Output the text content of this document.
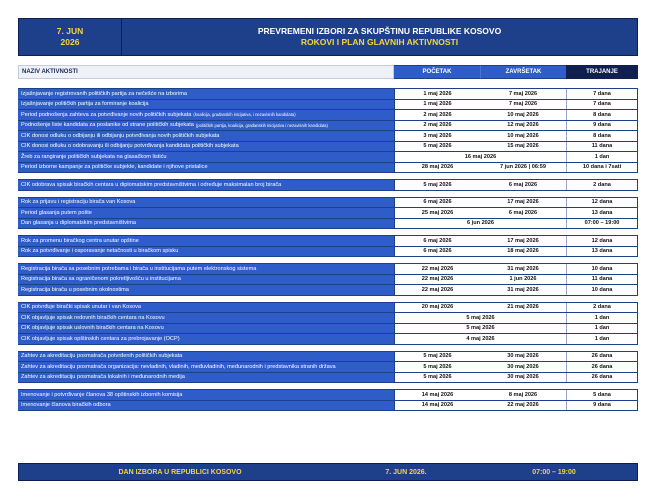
7. JUN
2026
PREVREMENI IZBORI ZA SKUPŠTINU REPUBLIKE KOSOVO
ROKOVI I PLAN GLAVNIH AKTIVNOSTI
NAZIV AKTIVNOSTI	POČETAK	ZAVRŠETAK	TRAJANJE
Izjašnjavanje registrovanih političkih partija za nečešće na izborima	1 maj 2026	7 maj 2026	7 dana
Izjašnjavanje političkih partija za formiranje koalicija	1 maj 2026	7 maj 2026	7 dana
Period podnošenja zahteva za potvrđivanje novih političkih subjekata (koalicija, građanskih inicijativa, i nezavisnih kandidata)	2 maj 2026	10 maj 2026	8 dana
Podnošenje liste kandidata za poslanike od strane političkih subjekata (političkih partija, koalicija, građanskih inicijativa i nezavisnih kandidata)	2 maj 2026	12 maj 2026	9 dana
CIK donosi odluku o odbijanju ili odbijanju potvrđivanja novih političkih subjekata	3 maj 2026	10 maj 2026	8 dana
CIK donosi odluku o odobravanju ili odbijanju potvrđivanja kandidata političkih subjekata	5 maj 2026	15 maj 2026	11 dana
Žreb za rangiranje političkih subjekata na glasačkom listiću	16 maj 2026	1 dan
Period izborne kampanje za političke subjekte, kandidate i njihove pristalice	28 maj 2026	7 jun 2026 | 06:59	10 dana i 7sati
CIK odobrava spisak biračkih centara u diplomatskim predstavništvima i određuje maksimalan broj birača	5 maj 2026	6 maj 2026	2 dana
Rok za prijavu i registraciju birača van Kosova	6 maj 2026	17 maj 2026	12 dana
Period glasanja putem pošte	25 maj 2026	6 maj 2026	13 dana
Dan glasanja u diplomatskim predstavništvima	6 jun 2026	07:00 – 19:00
Rok za promenu biračkog centra unutar opštine	6 maj 2026	17 maj 2026	12 dana
Rok za potvrđivanje i osporavanje netačnosti u biračkom spisku	6 maj 2026	18 maj 2026	13 dana
Registracija birača sa posebnim potrebama i birača u institucijama putem elektronskog sistema	22 maj 2026	31 maj 2026	10 dana
Registracija birača sa ograničenom pokretljivošću u institucijama	22 maj 2026	1 jun 2026	11 dana
Registracija birača u posebnim okolnostima	22 maj 2026	31 maj 2026	10 dana
CIK potvrđuje birački spisak unutar i van Kosova	20 maj 2026	21 maj 2026	2 dana
CIK objavljuje spisak redovnih biračkih centara na Kosovu	5 maj 2026	1 dan
CIK objavljuje spisak uslovnih biračkih centara na Kosovu	5 maj 2026	1 dan
CIK objavljuje spisak opštinskih centara za prebrojavanje (OCP)	4 maj 2026	1 dan
Zahtev za akreditaciju posmatrača potvrđenih političkih subjekata	5 maj 2026	30 maj 2026	26 dana
Zahtev za akreditaciju posmatrača organizacija: nevladinih, vladinih, međuvladinih, međunarodnih i predstavnika stranih država	5 maj 2026	30 maj 2026	26 dana
Zahtev za akreditaciju posmatrača lokalnih i međunarodnih medija	5 maj 2026	30 maj 2026	26 dana
Imenovanje i potvrđivanje članova 38 opštinskih izbornih komisija	14 maj 2026	8 maj 2026	5 dana
Imenovanje članova biračkih odbora	14 maj 2026	22 maj 2026	9 dana
DAN IZBORA U REPUBLICI KOSOVO	7. JUN 2026.	07:00 – 19:00
